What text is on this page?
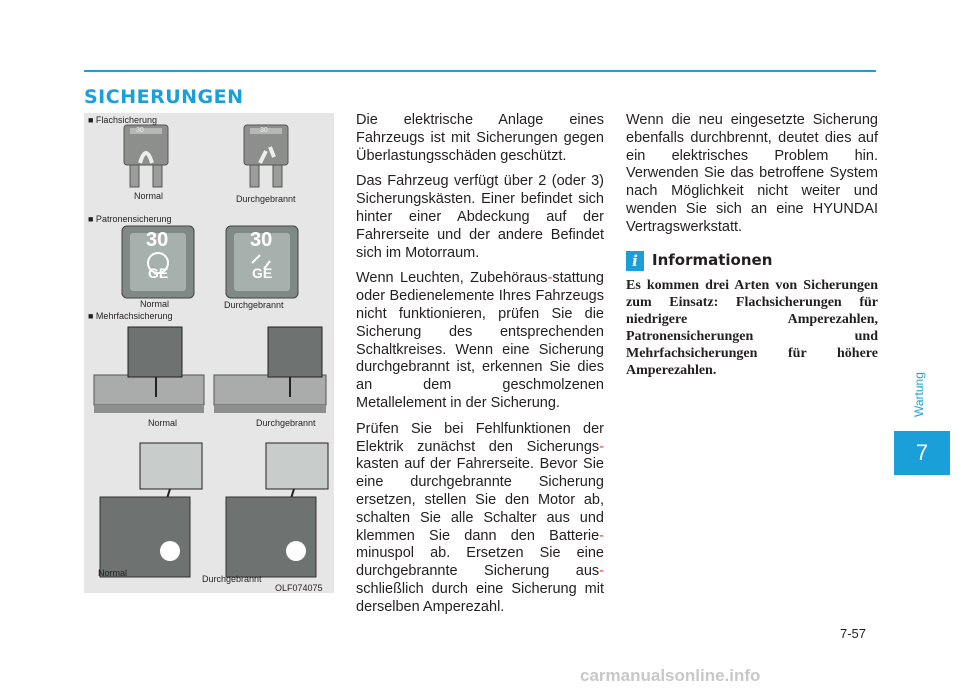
SICHERUNGEN
■ Flachsicherung
30	30
30	30
GE	GE
Normal	Durchgebrannt
■ Patronensicherung
Normal	Durchgebrannt
■ Mehrfachsicherung
Normal	Durchgebrannt
Normal
Durchgebrannt
OLF074075

Die elektrische Anlage eines Fahrzeugs ist mit Sicherungen gegen Überlastungsschäden geschützt.

Das Fahrzeug verfügt über 2 (oder 3) Sicherungskästen. Einer befindet sich hinter einer Abdeckung auf der Fahrerseite und der andere Befindet sich im Motorraum.

Wenn Leuchten, Zubehöraus-stattung oder Bedienelemente Ihres Fahrzeugs nicht funktionieren, prüfen Sie die Sicherung des entsprechenden Schaltkreises. Wenn eine Sicherung durchgebrannt ist, erkennen Sie dies an dem geschmolzenen Metallelement in der Sicherung.

Prüfen Sie bei Fehlfunktionen der Elektrik zunächst den Sicherungs-kasten auf der Fahrerseite. Bevor Sie eine durchgebrannte Sicherung ersetzen, stellen Sie den Motor ab, schalten Sie alle Schalter aus und klemmen Sie dann den Batterie-minuspol ab. Ersetzen Sie eine durchgebrannte Sicherung aus-schließlich durch eine Sicherung mit derselben Amperezahl.

Wenn die neu eingesetzte Sicherung ebenfalls durchbrennt, deutet dies auf ein elektrisches Problem hin. Verwenden Sie das betroffene System nach Möglichkeit nicht weiter und wenden Sie sich an eine HYUNDAI Vertragswerkstatt.

i Informationen
Es kommen drei Arten von Sicherungen zum Einsatz: Flachsicherungen für niedrigere Amperezahlen, Patronensicherungen und Mehrfachsicherungen für höhere Amperezahlen.
Wartung
7
7-57
carmanualsonline.info
